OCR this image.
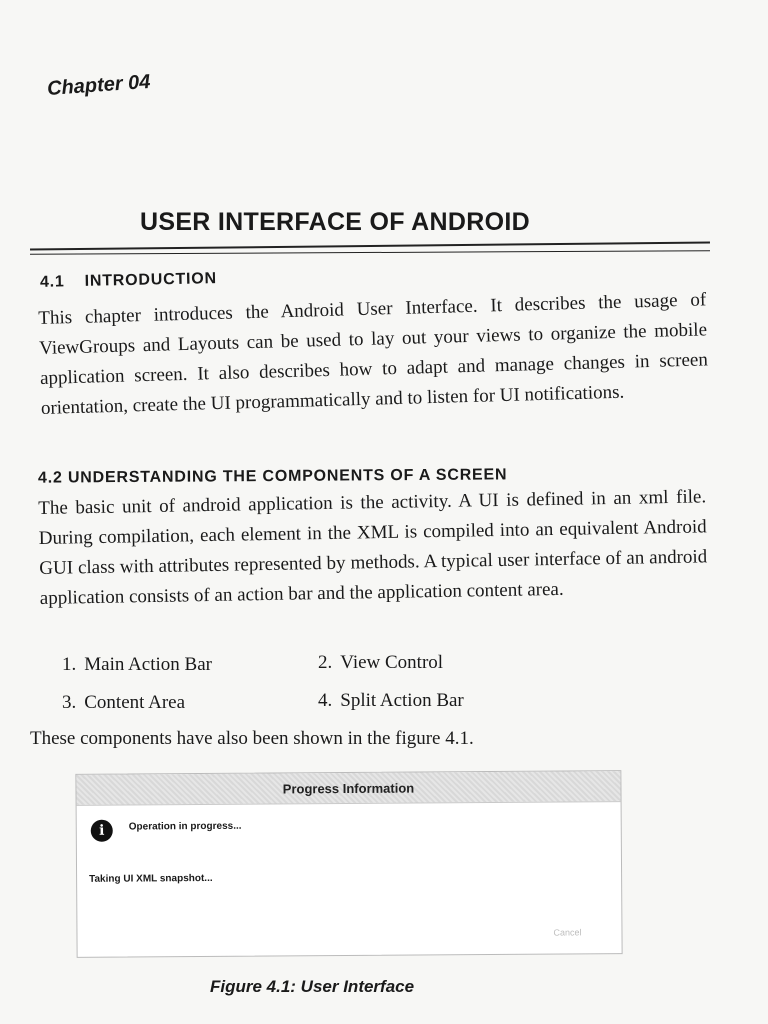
Chapter 04
USER INTERFACE OF ANDROID
4.1 INTRODUCTION
This chapter introduces the Android User Interface. It describes the usage of ViewGroups and Layouts can be used to lay out your views to organize the mobile application screen. It also describes how to adapt and manage changes in screen orientation, create the UI programmatically and to listen for UI notifications.
4.2 UNDERSTANDING THE COMPONENTS OF A SCREEN
The basic unit of android application is the activity. A UI is defined in an xml file. During compilation, each element in the XML is compiled into an equivalent Android GUI class with attributes represented by methods. A typical user interface of an android application consists of an action bar and the application content area.
1. Main Action Bar	2. View Control
3. Content Area	4. Split Action Bar
These components have also been shown in the figure 4.1.
Progress Information
i	Operation in progress...
Taking UI XML snapshot...
Cancel
Figure 4.1: User Interface
